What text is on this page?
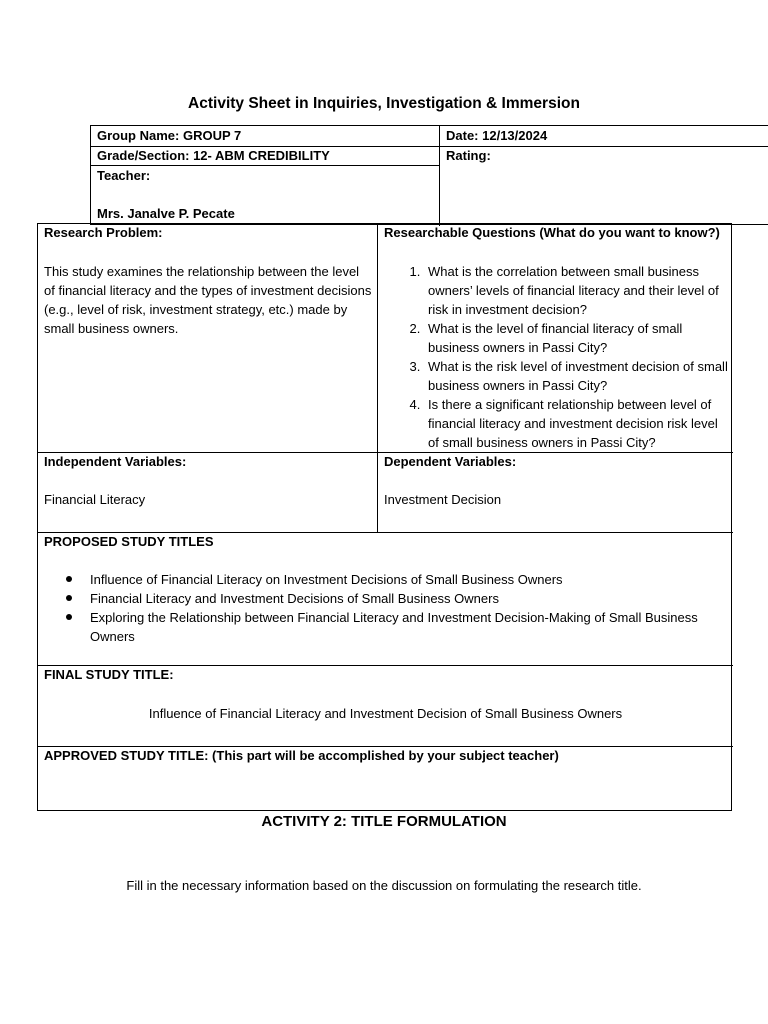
Activity Sheet in Inquiries, Investigation & Immersion
Group Name: GROUP 7	Date: 12/13/2024
Grade/Section: 12- ABM CREDIBILITY	Rating:
Teacher:
Mrs. Janalve P. Pecate
Research Problem:
This study examines the relationship between the level of financial literacy and the types of investment decisions (e.g., level of risk, investment strategy, etc.) made by small business owners.
Researchable Questions (What do you want to know?)
1. What is the correlation between small business owners’ levels of financial literacy and their level of risk in investment decision?
2. What is the level of financial literacy of small business owners in Passi City?
3. What is the risk level of investment decision of small business owners in Passi City?
4. Is there a significant relationship between level of financial literacy and investment decision risk level of small business owners in Passi City?
Independent Variables:
Financial Literacy
Dependent Variables:
Investment Decision
PROPOSED STUDY TITLES
Influence of Financial Literacy on Investment Decisions of Small Business Owners
Financial Literacy and Investment Decisions of Small Business Owners
Exploring the Relationship between Financial Literacy and Investment Decision-Making of Small Business Owners
FINAL STUDY TITLE:
Influence of Financial Literacy and Investment Decision of Small Business Owners
APPROVED STUDY TITLE: (This part will be accomplished by your subject teacher)
ACTIVITY 2: TITLE FORMULATION
Fill in the necessary information based on the discussion on formulating the research title.
